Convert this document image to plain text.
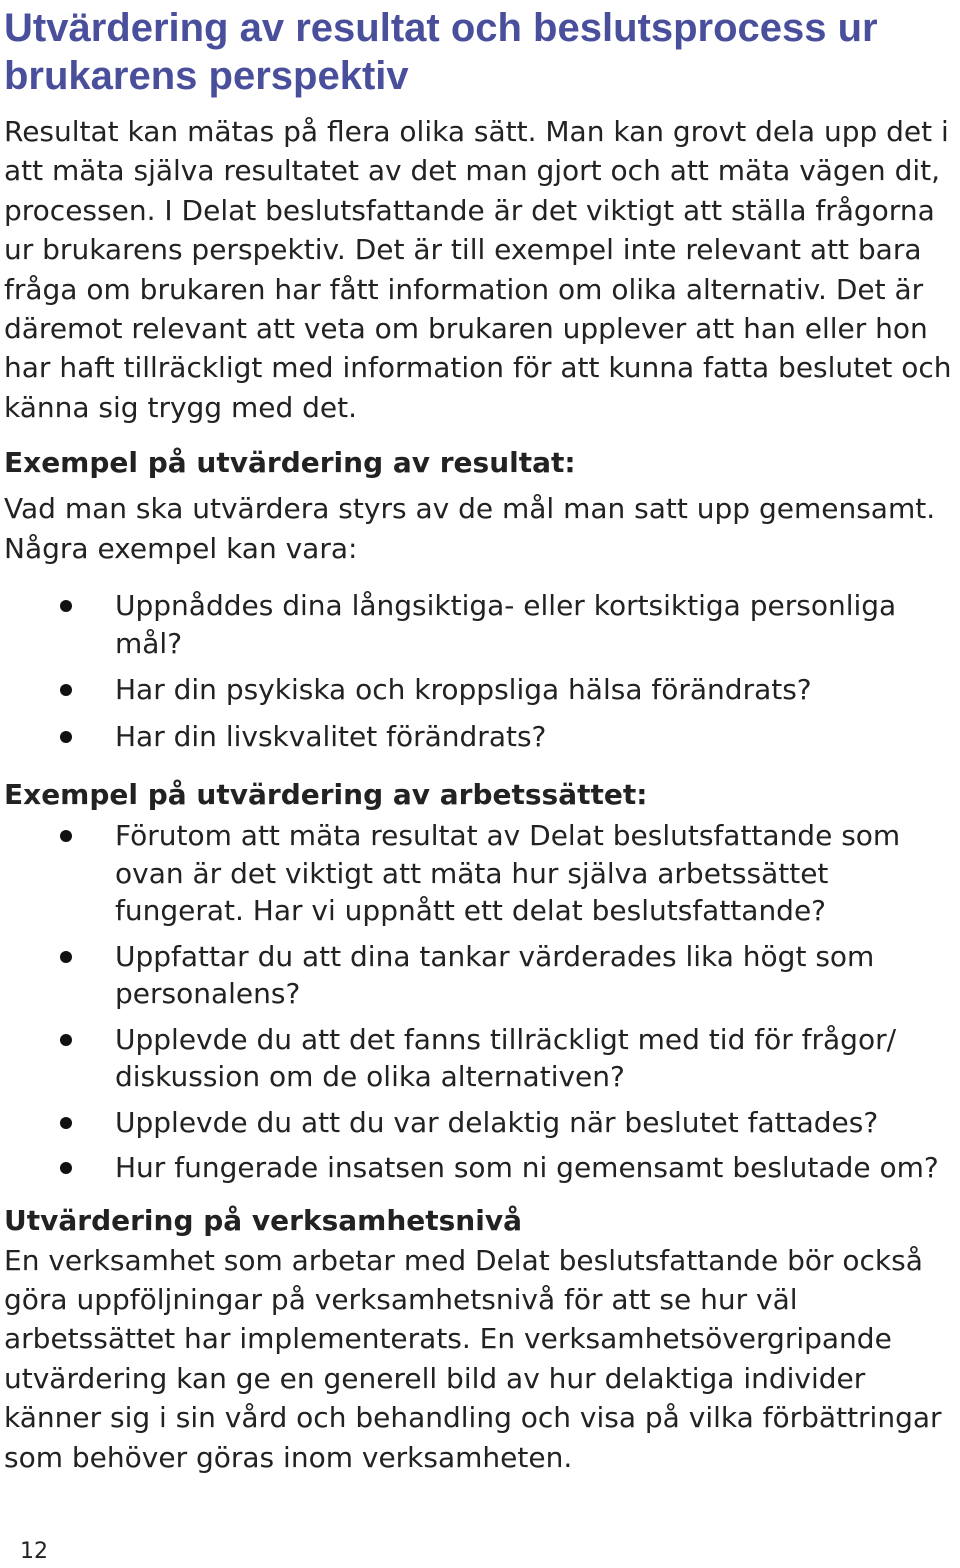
Utvärdering av resultat och beslutsprocess ur brukarens perspektiv

Resultat kan mätas på flera olika sätt. Man kan grovt dela upp det i att mäta själva resultatet av det man gjort och att mäta vägen dit, processen. I Delat beslutsfattande är det viktigt att ställa frågorna ur brukarens perspektiv. Det är till exempel inte relevant att bara fråga om brukaren har fått information om olika alternativ. Det är däremot relevant att veta om brukaren upplever att han eller hon har haft tillräckligt med information för att kunna fatta beslutet och känna sig trygg med det.

Exempel på utvärdering av resultat:

Vad man ska utvärdera styrs av de mål man satt upp gemensamt. Några exempel kan vara:

Uppnåddes dina långsiktiga- eller kortsiktiga personliga mål?
Har din psykiska och kroppsliga hälsa förändrats?
Har din livskvalitet förändrats?
Exempel på utvärdering av arbetssättet:
Förutom att mäta resultat av Delat beslutsfattande som ovan är det viktigt att mäta hur själva arbetssättet fungerat. Har vi uppnått ett delat beslutsfattande?
Uppfattar du att dina tankar värderades lika högt som personalens?
Upplevde du att det fanns tillräckligt med tid för frågor/ diskussion om de olika alternativen?
Upplevde du att du var delaktig när beslutet fattades?
Hur fungerade insatsen som ni gemensamt beslutade om?
Utvärdering på verksamhetsnivå

En verksamhet som arbetar med Delat beslutsfattande bör också göra uppföljningar på verksamhetsnivå för att se hur väl arbetssättet har implementerats. En verksamhetsövergripande utvärdering kan ge en generell bild av hur delaktiga individer känner sig i sin vård och behandling och visa på vilka förbättringar som behöver göras inom verksamheten.

12
